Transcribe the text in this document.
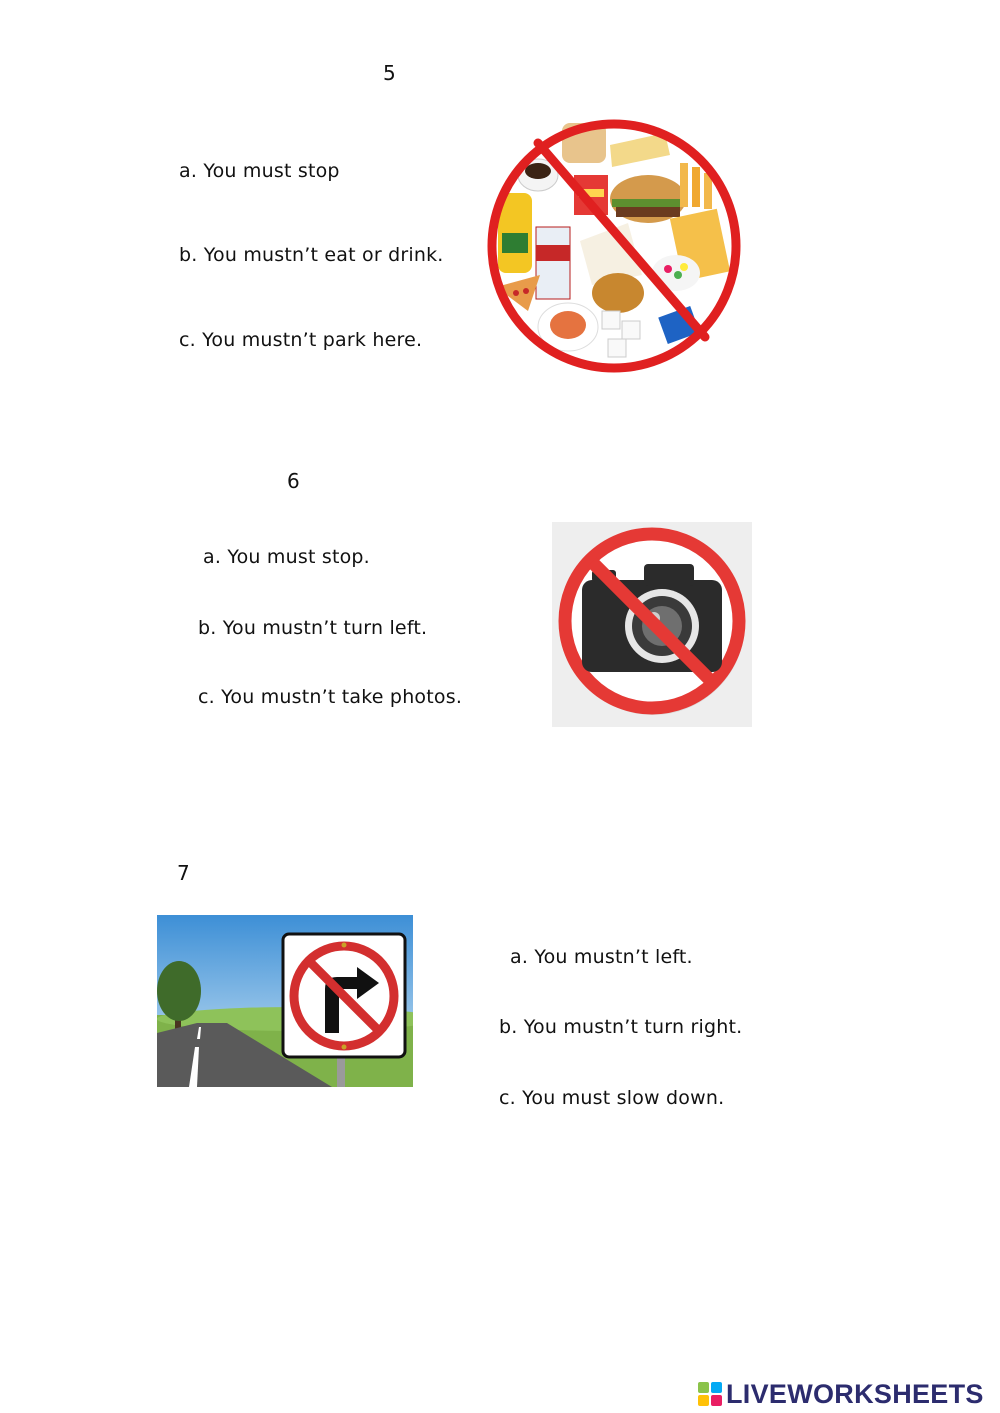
5
a. You must stop
b. You mustn’t eat or drink.
c. You mustn’t park here.
6
a. You must stop.
b. You mustn’t turn left.
c. You mustn’t take photos.
7
a. You mustn’t left.
b. You mustn’t turn right.
c. You must slow down.
LIVEWORKSHEETS
